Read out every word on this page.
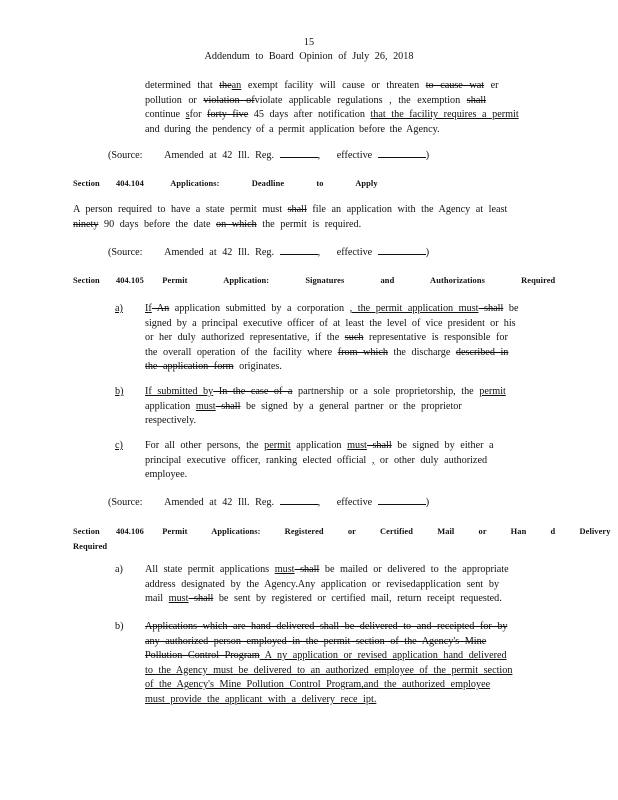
15
Addendum to Board Opinion of July 26, 2018
determined that thean exempt facility will cause or threaten to cause wat er
pollution or violation ofviolate applicable regulations , the exemption shall
continue sfor forty five 45 days after notification that the facility requires a permit
and during the pendency of a permit application before the Agency.
(Source: Amended at 42 Ill. Reg.	,   effective	)
Section 404.104	Applications: Deadline to Apply
A person required to have a state permit must shall file an application with the Agency at least
ninety 90 days before the date on which the permit is required.
(Source: Amended at 42 Ill. Reg.	,   effective	)
Section 404.105 Permit Application: Signatures and Authorizations Required
a) If An application submitted by a corporation , the permit application must shall be
signed by a principal executive officer of at least the level of vice president or his
or her duly authorized representative, if the such representative is responsible for
the overall operation of the facility where from which the discharge described in
the application form originates.
b) If submitted by In the case of a partnership or a sole proprietorship, the permit
application must shall be signed by a general partner or the proprietor
respectively.
c) For all other persons, the permit application must shall be signed by either a
principal executive officer, ranking elected official , or other duly authorized
employee.
(Source: Amended at 42 Ill. Reg.	,   effective	)
Section 404.106 Permit Applications: Registered or Certified Mail or Han d Delivery
Required
a) All state permit applications must shall be mailed or delivered to the appropriate
address designated by the Agency.Any application or revisedapplication sent by
mail must shall be sent by registered or certified mail, return receipt requested.
b) Applications which are hand delivered shall be delivered to and receipted for by
any authorized person employed in the permit section of the Agency's Mine
Pollution Control Program A ny application or revised application hand delivered
to the Agency must be delivered to an authorized employee of the permit section
of the Agency's Mine Pollution Control Program,and the authorized employee
must provide the applicant with a delivery rece ipt.
